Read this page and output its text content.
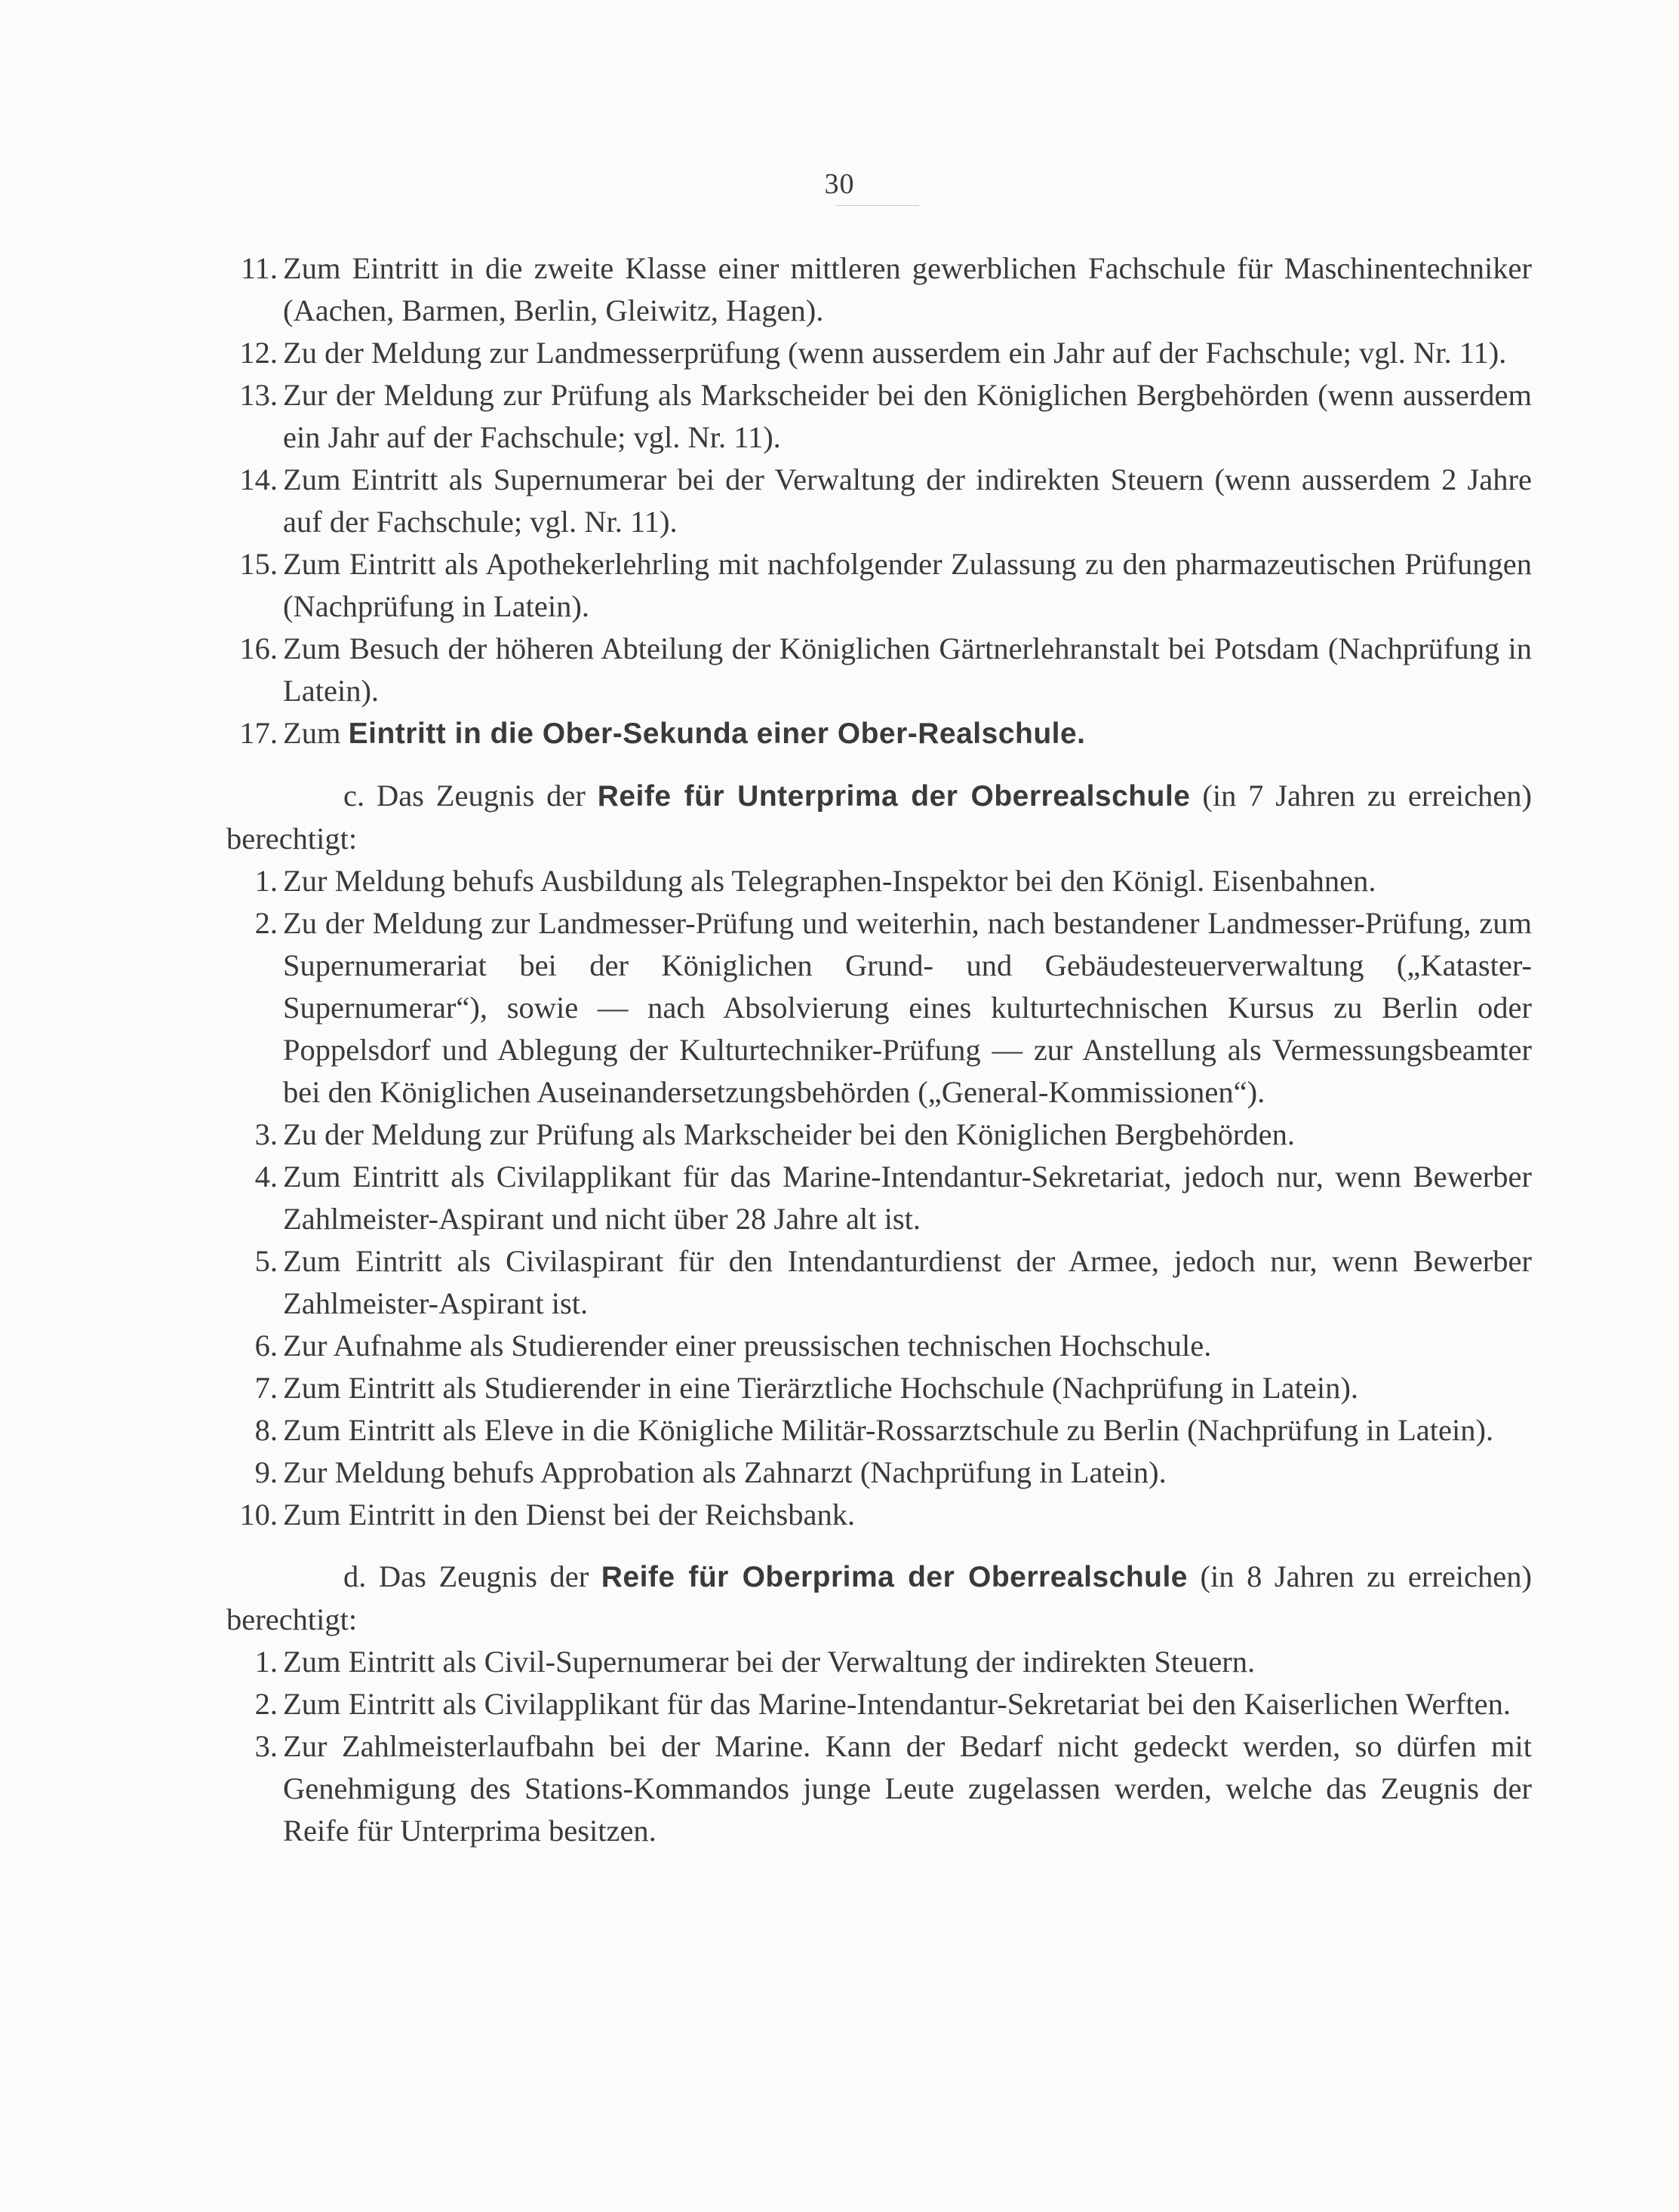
30
11. Zum Eintritt in die zweite Klasse einer mittleren gewerblichen Fachschule für Maschinentechniker (Aachen, Barmen, Berlin, Gleiwitz, Hagen).
12. Zu der Meldung zur Landmesserprüfung (wenn ausserdem ein Jahr auf der Fachschule; vgl. Nr. 11).
13. Zur der Meldung zur Prüfung als Markscheider bei den Königlichen Bergbehörden (wenn ausserdem ein Jahr auf der Fachschule; vgl. Nr. 11).
14. Zum Eintritt als Supernumerar bei der Verwaltung der indirekten Steuern (wenn ausserdem 2 Jahre auf der Fachschule; vgl. Nr. 11).
15. Zum Eintritt als Apothekerlehrling mit nachfolgender Zulassung zu den pharmazeutischen Prüfungen (Nachprüfung in Latein).
16. Zum Besuch der höheren Abteilung der Königlichen Gärtnerlehranstalt bei Potsdam (Nachprüfung in Latein).
17. Zum Eintritt in die Ober-Sekunda einer Ober-Realschule.
c. Das Zeugnis der Reife für Unterprima der Oberrealschule (in 7 Jahren zu erreichen) berechtigt:
1. Zur Meldung behufs Ausbildung als Telegraphen-Inspektor bei den Königl. Eisenbahnen.
2. Zu der Meldung zur Landmesser-Prüfung und weiterhin, nach bestandener Landmesser-Prüfung, zum Supernumerariat bei der Königlichen Grund- und Gebäudesteuerverwaltung („Kataster-Supernumerar“), sowie — nach Absolvierung eines kulturtechnischen Kursus zu Berlin oder Poppelsdorf und Ablegung der Kulturtechniker-Prüfung — zur Anstellung als Vermessungsbeamter bei den Königlichen Auseinandersetzungsbehörden („General-Kommissionen“).
3. Zu der Meldung zur Prüfung als Markscheider bei den Königlichen Bergbehörden.
4. Zum Eintritt als Civilapplikant für das Marine-Intendantur-Sekretariat, jedoch nur, wenn Bewerber Zahlmeister-Aspirant und nicht über 28 Jahre alt ist.
5. Zum Eintritt als Civilaspirant für den Intendanturdienst der Armee, jedoch nur, wenn Bewerber Zahlmeister-Aspirant ist.
6. Zur Aufnahme als Studierender einer preussischen technischen Hochschule.
7. Zum Eintritt als Studierender in eine Tierärztliche Hochschule (Nachprüfung in Latein).
8. Zum Eintritt als Eleve in die Königliche Militär-Rossarztschule zu Berlin (Nachprüfung in Latein).
9. Zur Meldung behufs Approbation als Zahnarzt (Nachprüfung in Latein).
10. Zum Eintritt in den Dienst bei der Reichsbank.
d. Das Zeugnis der Reife für Oberprima der Oberrealschule (in 8 Jahren zu erreichen) berechtigt:
1. Zum Eintritt als Civil-Supernumerar bei der Verwaltung der indirekten Steuern.
2. Zum Eintritt als Civilapplikant für das Marine-Intendantur-Sekretariat bei den Kaiserlichen Werften.
3. Zur Zahlmeisterlaufbahn bei der Marine. Kann der Bedarf nicht gedeckt werden, so dürfen mit Genehmigung des Stations-Kommandos junge Leute zugelassen werden, welche das Zeugnis der Reife für Unterprima besitzen.
